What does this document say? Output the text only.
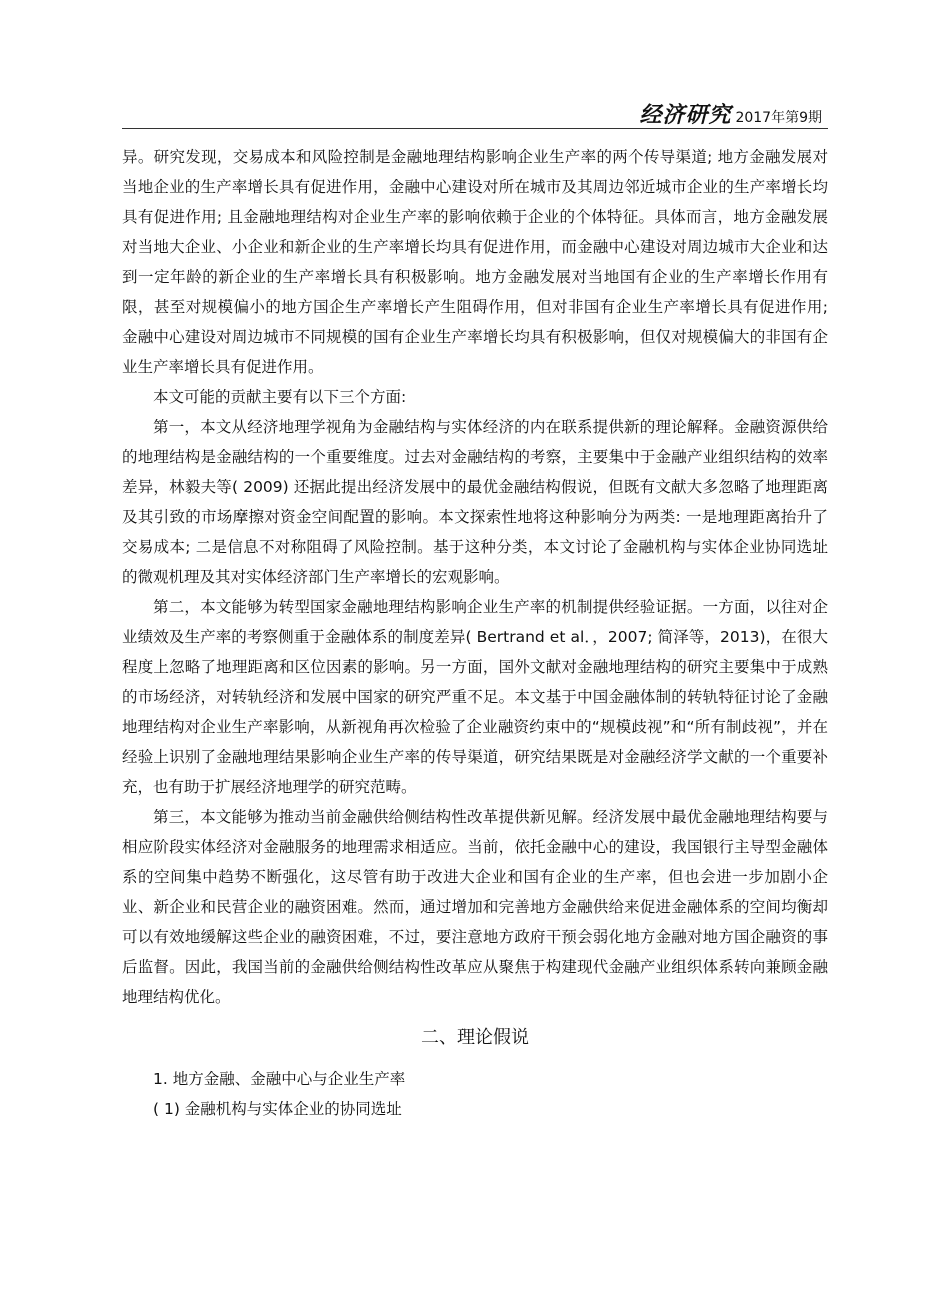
经济研究 2017年第9期

异。研究发现，交易成本和风险控制是金融地理结构影响企业生产率的两个传导渠道; 地方金融发展对当地企业的生产率增长具有促进作用，金融中心建设对所在城市及其周边邻近城市企业的生产率增长均具有促进作用; 且金融地理结构对企业生产率的影响依赖于企业的个体特征。具体而言，地方金融发展对当地大企业、小企业和新企业的生产率增长均具有促进作用，而金融中心建设对周边城市大企业和达到一定年龄的新企业的生产率增长具有积极影响。地方金融发展对当地国有企业的生产率增长作用有限，甚至对规模偏小的地方国企生产率增长产生阻碍作用，但对非国有企业生产率增长具有促进作用; 金融中心建设对周边城市不同规模的国有企业生产率增长均具有积极影响，但仅对规模偏大的非国有企业生产率增长具有促进作用。

本文可能的贡献主要有以下三个方面:

第一，本文从经济地理学视角为金融结构与实体经济的内在联系提供新的理论解释。金融资源供给的地理结构是金融结构的一个重要维度。过去对金融结构的考察，主要集中于金融产业组织结构的效率差异，林毅夫等( 2009) 还据此提出经济发展中的最优金融结构假说，但既有文献大多忽略了地理距离及其引致的市场摩擦对资金空间配置的影响。本文探索性地将这种影响分为两类: 一是地理距离抬升了交易成本; 二是信息不对称阻碍了风险控制。基于这种分类，本文讨论了金融机构与实体企业协同选址的微观机理及其对实体经济部门生产率增长的宏观影响。

第二，本文能够为转型国家金融地理结构影响企业生产率的机制提供经验证据。一方面，以往对企业绩效及生产率的考察侧重于金融体系的制度差异( Bertrand et al．，2007; 简泽等，2013)，在很大程度上忽略了地理距离和区位因素的影响。另一方面，国外文献对金融地理结构的研究主要集中于成熟的市场经济，对转轨经济和发展中国家的研究严重不足。本文基于中国金融体制的转轨特征讨论了金融地理结构对企业生产率影响，从新视角再次检验了企业融资约束中的“规模歧视”和“所有制歧视”，并在经验上识别了金融地理结果影响企业生产率的传导渠道，研究结果既是对金融经济学文献的一个重要补充，也有助于扩展经济地理学的研究范畴。

第三，本文能够为推动当前金融供给侧结构性改革提供新见解。经济发展中最优金融地理结构要与相应阶段实体经济对金融服务的地理需求相适应。当前，依托金融中心的建设，我国银行主导型金融体系的空间集中趋势不断强化，这尽管有助于改进大企业和国有企业的生产率，但也会进一步加剧小企业、新企业和民营企业的融资困难。然而，通过增加和完善地方金融供给来促进金融体系的空间均衡却可以有效地缓解这些企业的融资困难，不过，要注意地方政府干预会弱化地方金融对地方国企融资的事后监督。因此，我国当前的金融供给侧结构性改革应从聚焦于构建现代金融产业组织体系转向兼顾金融地理结构优化。

二、理论假说
1. 地方金融、金融中心与企业生产率
( 1) 金融机构与实体企业的协同选址
